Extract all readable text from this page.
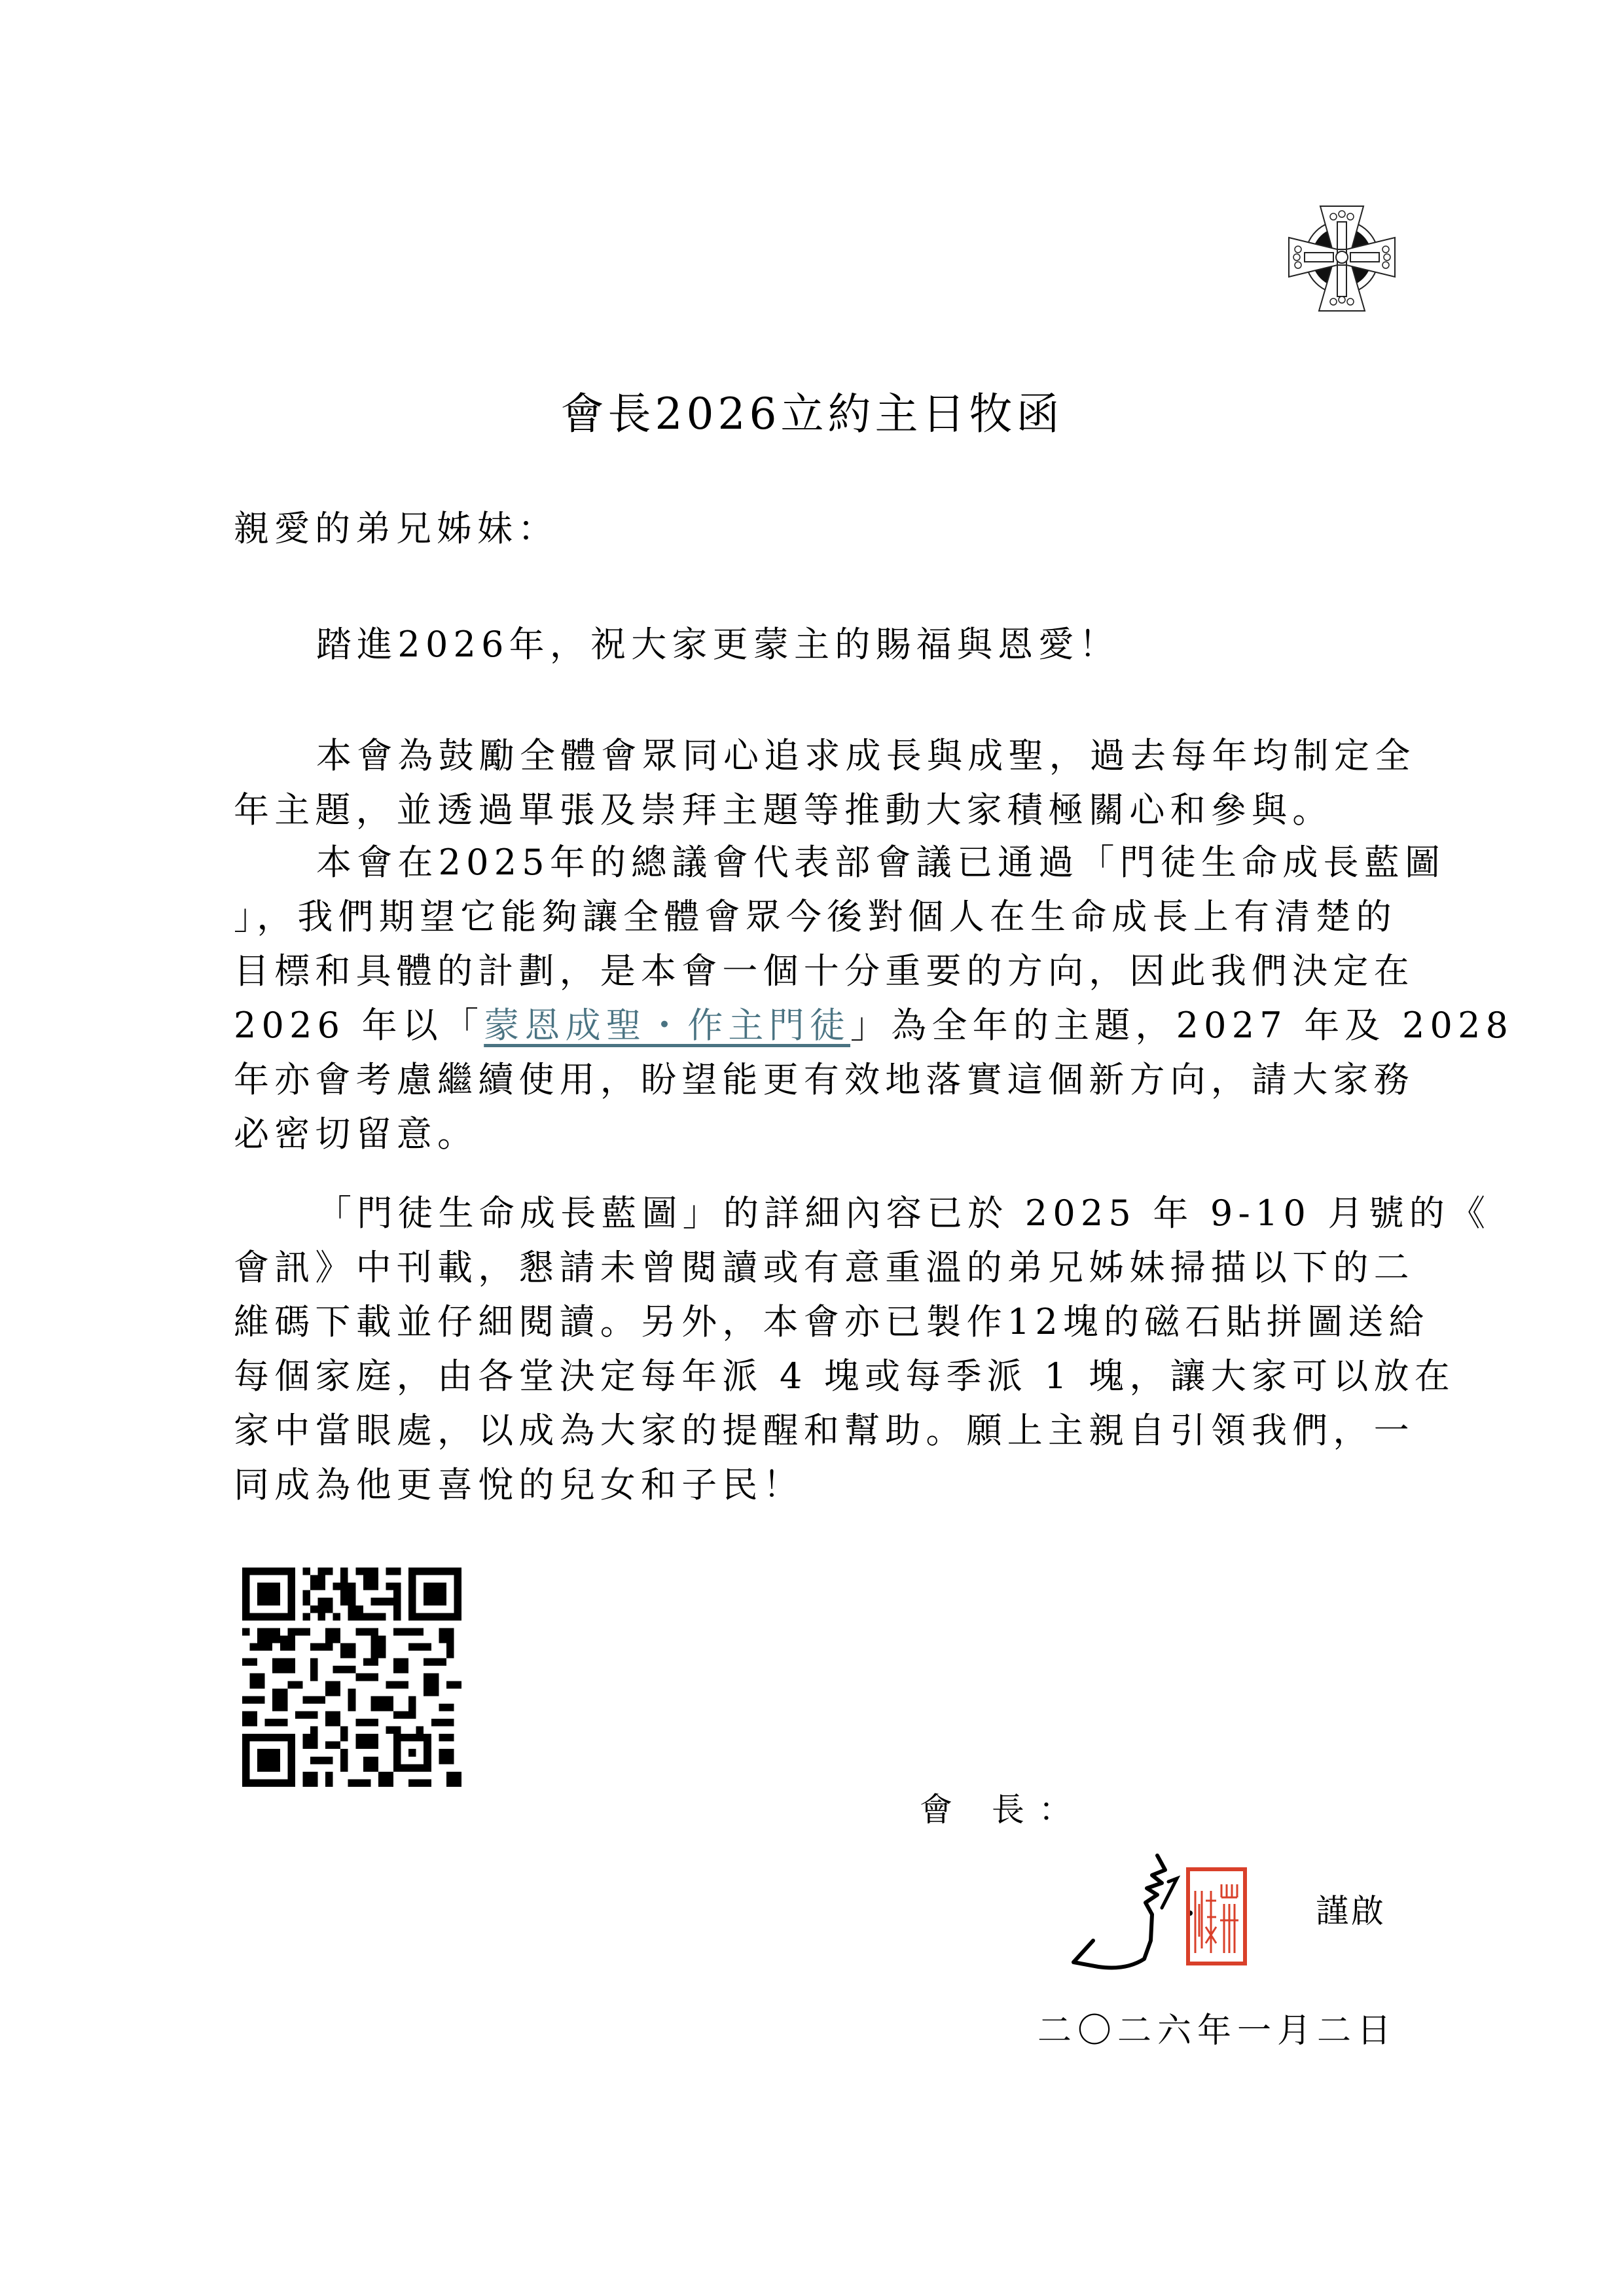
會長2026立約主日牧函
親愛的弟兄姊妹：
踏進2026年，祝大家更蒙主的賜福與恩愛！
本會為鼓勵全體會眾同心追求成長與成聖，過去每年均制定全
年主題，並透過單張及崇拜主題等推動大家積極關心和參與。
本會在2025年的總議會代表部會議已通過「門徒生命成長藍圖
」，我們期望它能夠讓全體會眾今後對個人在生命成長上有清楚的
目標和具體的計劃，是本會一個十分重要的方向，因此我們決定在
2026 年以「蒙恩成聖・作主門徒」為全年的主題，2027 年及 2028
年亦會考慮繼續使用，盼望能更有效地落實這個新方向，請大家務
必密切留意。
「門徒生命成長藍圖」的詳細內容已於 2025 年 9-10 月號的《
會訊》中刊載，懇請未曾閱讀或有意重溫的弟兄姊妹掃描以下的二
維碼下載並仔細閱讀。另外，本會亦已製作12塊的磁石貼拼圖送給
每個家庭，由各堂決定每年派 4 塊或每季派 1 塊，讓大家可以放在
家中當眼處，以成為大家的提醒和幫助。願上主親自引領我們，一
同成為他更喜悅的兒女和子民！
會 長：
謹啟
二〇二六年一月二日
